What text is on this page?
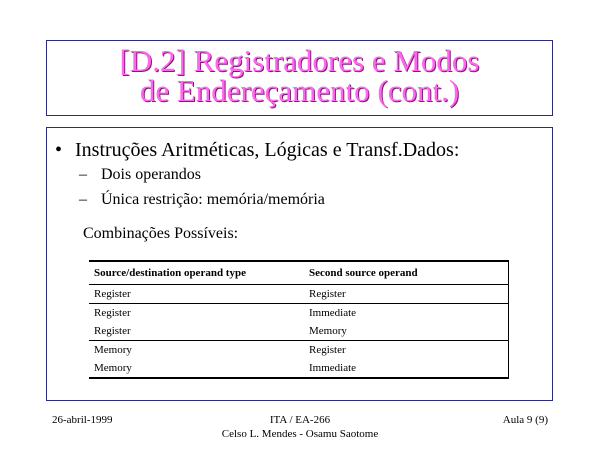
[D.2] Registradores e Modos
de Endereçamento (cont.)
• Instruções Aritméticas, Lógicas e Transf.Dados:
– Dois operandos
– Única restrição: memória/memória
Combinações Possíveis:
Source/destination operand type	Second source operand
Register	Register
Register	Immediate
Register	Memory
Memory	Register
Memory	Immediate
26-abril-1999	ITA / EA-266
Celso L. Mendes - Osamu Saotome
Aula 9 (9)
